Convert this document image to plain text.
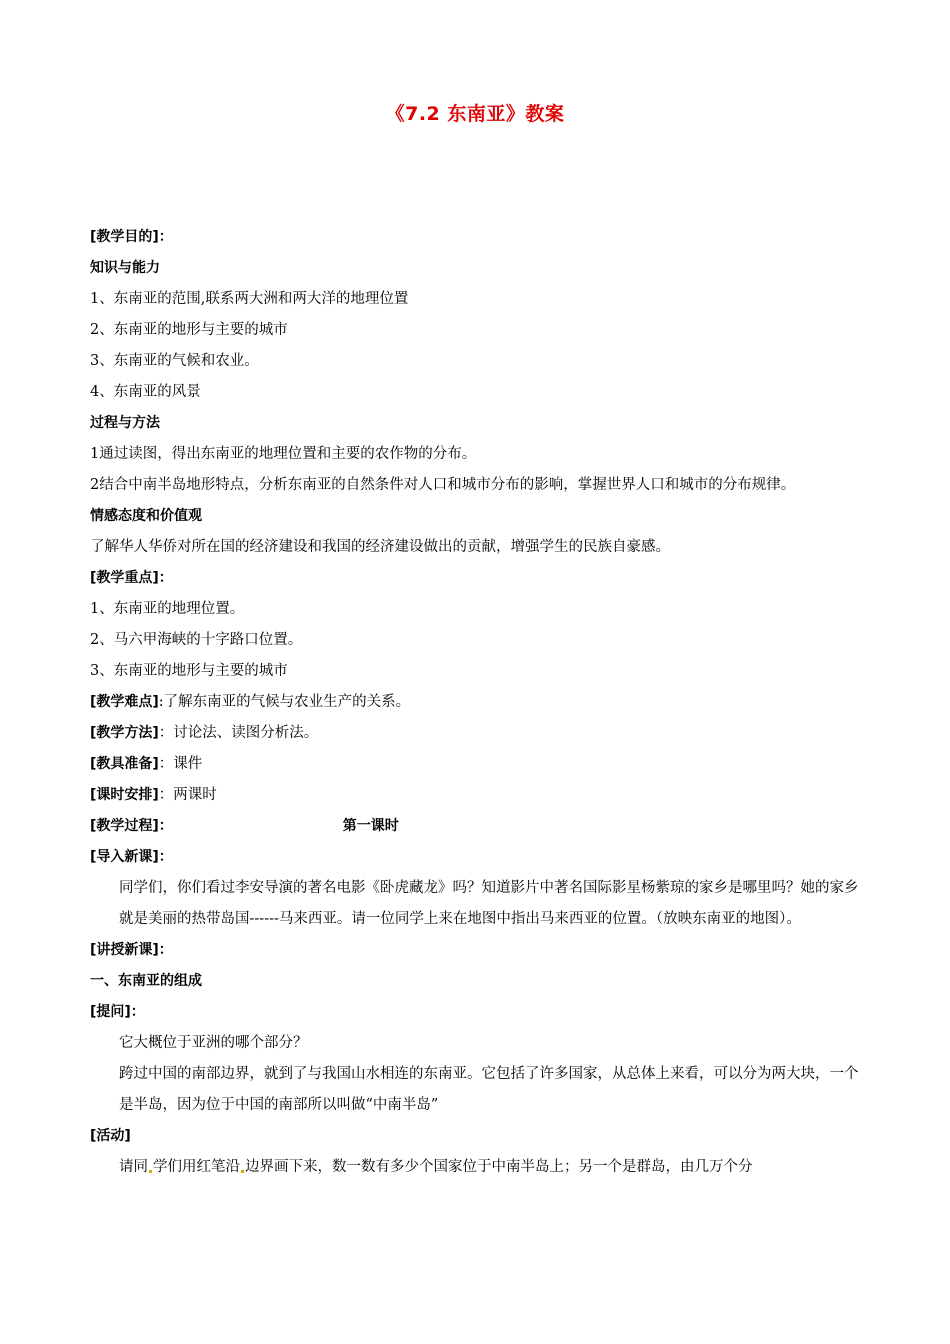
《7.2 东南亚》教案
[教学目的]：
知识与能力
1、东南亚的范围,联系两大洲和两大洋的地理位置
2、东南亚的地形与主要的城市
3、东南亚的气候和农业。
4、东南亚的风景
过程与方法
1通过读图，得出东南亚的地理位置和主要的农作物的分布。
2结合中南半岛地形特点，分析东南亚的自然条件对人口和城市分布的影响，掌握世界人口和城市的分布规律。
情感态度和价值观
了解华人华侨对所在国的经济建设和我国的经济建设做出的贡献，增强学生的民族自豪感。
[教学重点]：
1、东南亚的地理位置。
2、马六甲海峡的十字路口位置。
3、东南亚的地形与主要的城市
[教学难点]:了解东南亚的气候与农业生产的关系。
[教学方法]：讨论法、读图分析法。
[教具准备]：课件
[课时安排]：两课时
[教学过程]：	第一课时
[导入新课]：
同学们，你们看过李安导演的著名电影《卧虎藏龙》吗？知道影片中著名国际影星杨紫琼的家乡是哪里吗？她的家乡就是美丽的热带岛国------马来西亚。请一位同学上来在地图中指出马来西亚的位置。（放映东南亚的地图）。
[讲授新课]：
一、东南亚的组成
[提问]：
它大概位于亚洲的哪个部分？
跨过中国的南部边界，就到了与我国山水相连的东南亚。它包括了许多国家，从总体上来看，可以分为两大块，一个是半岛，因为位于中国的南部所以叫做“中南半岛”
[活动]
请同 学们用红笔沿 边界画下来，数一数有多少个国家位于中南半岛上；另一个是群岛，由几万个分
